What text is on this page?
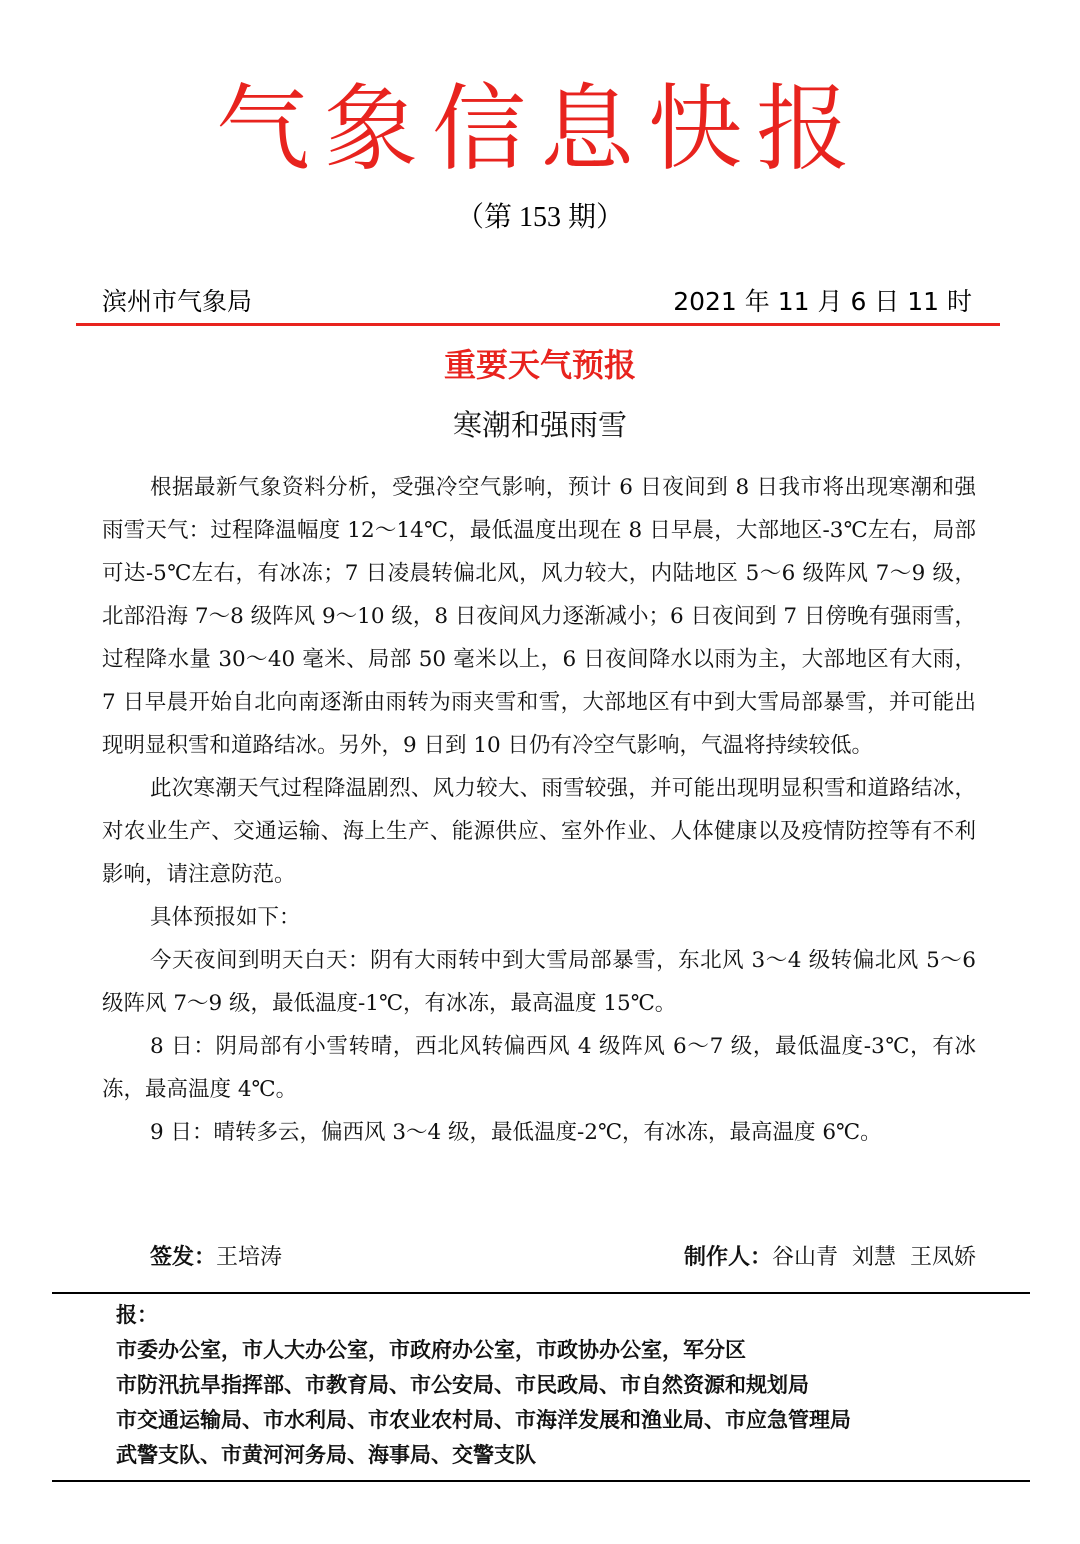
气象信息快报
（第 153 期）
滨州市气象局	2021 年 11 月 6 日 11 时
重要天气预报
寒潮和强雨雪

根据最新气象资料分析，受强冷空气影响，预计 6 日夜间到 8 日我市将出现寒潮和强雨雪天气：过程降温幅度 12～14℃，最低温度出现在 8 日早晨，大部地区-3℃左右，局部可达-5℃左右，有冰冻；7 日凌晨转偏北风，风力较大，内陆地区 5～6 级阵风 7～9 级，北部沿海 7～8 级阵风 9～10 级，8 日夜间风力逐渐减小；6 日夜间到 7 日傍晚有强雨雪，过程降水量 30～40 毫米、局部 50 毫米以上，6 日夜间降水以雨为主，大部地区有大雨，7 日早晨开始自北向南逐渐由雨转为雨夹雪和雪，大部地区有中到大雪局部暴雪，并可能出现明显积雪和道路结冰。另外，9 日到 10 日仍有冷空气影响，气温将持续较低。

此次寒潮天气过程降温剧烈、风力较大、雨雪较强，并可能出现明显积雪和道路结冰，对农业生产、交通运输、海上生产、能源供应、室外作业、人体健康以及疫情防控等有不利影响，请注意防范。

具体预报如下：

今天夜间到明天白天：阴有大雨转中到大雪局部暴雪，东北风 3～4 级转偏北风 5～6 级阵风 7～9 级，最低温度-1℃，有冰冻，最高温度 15℃。

8 日：阴局部有小雪转晴，西北风转偏西风 4 级阵风 6～7 级，最低温度-3℃，有冰冻，最高温度 4℃。

9 日：晴转多云，偏西风 3～4 级，最低温度-2℃，有冰冻，最高温度 6℃。

签发：王培涛	制作人：谷山青  刘慧  王凤娇
报：
市委办公室，市人大办公室，市政府办公室，市政协办公室，军分区
市防汛抗旱指挥部、市教育局、市公安局、市民政局、市自然资源和规划局
市交通运输局、市水利局、市农业农村局、市海洋发展和渔业局、市应急管理局
武警支队、市黄河河务局、海事局、交警支队
